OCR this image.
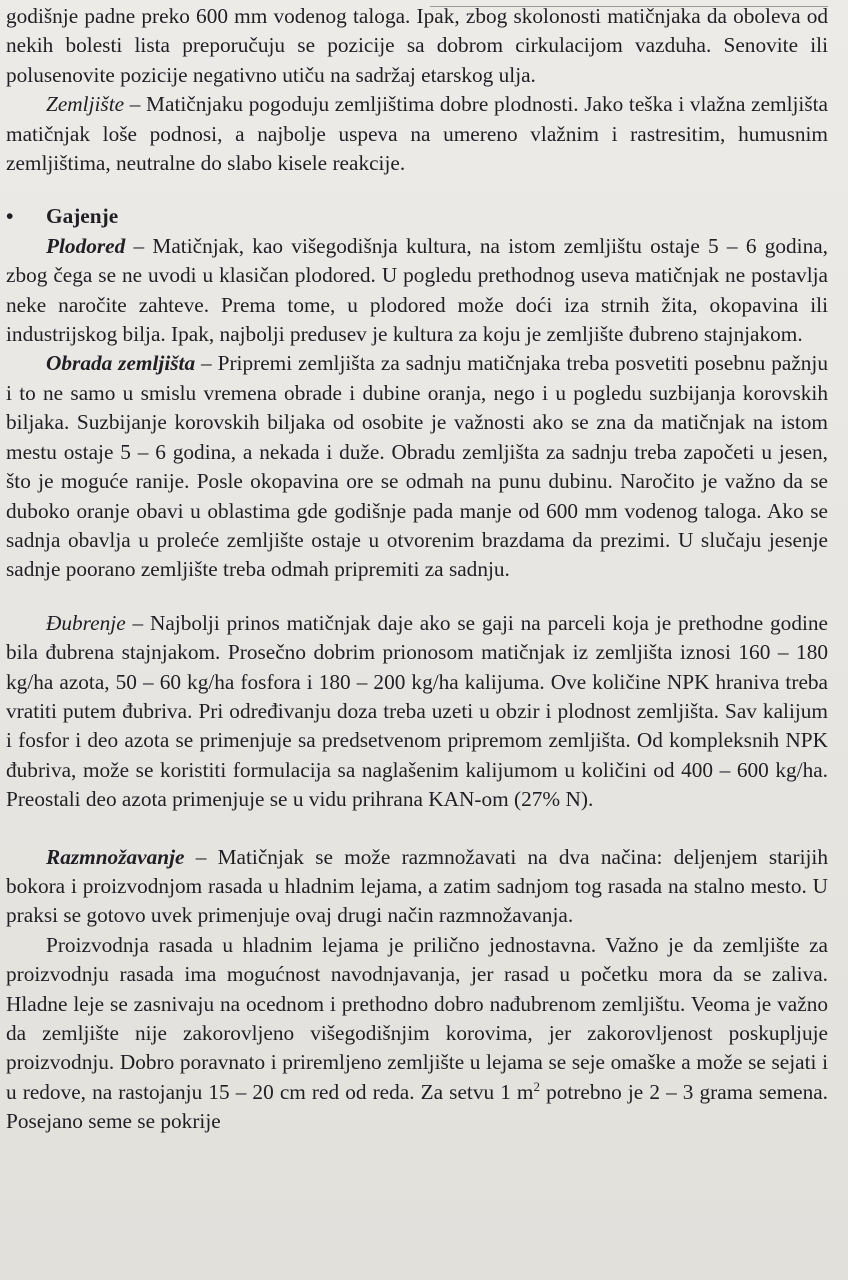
godišnje padne preko 600 mm vodenog taloga. Ipak, zbog skolonosti matičnjaka da oboleva od nekih bolesti lista preporučuju se pozicije sa dobrom cirkulacijom vazduha. Senovite ili polusenovite pozicije negativno utiču na sadržaj etarskog ulja.

Zemljište – Matičnjaku pogoduju zemljištima dobre plodnosti. Jako teška i vlažna zemljišta matičnjak loše podnosi, a najbolje uspeva na umereno vlažnim i rastresitim, humusnim zemljištima, neutralne do slabo kisele reakcije.

• Gajenje

Plodored – Matičnjak, kao višegodišnja kultura, na istom zemljištu ostaje 5 – 6 godina, zbog čega se ne uvodi u klasičan plodored. U pogledu prethodnog useva matičnjak ne postavlja neke naročite zahteve. Prema tome, u plodored može doći iza strnih žita, okopavina ili industrijskog bilja. Ipak, najbolji predusev je kultura za koju je zemljište đubreno stajnjakom.

Obrada zemljišta – Pripremi zemljišta za sadnju matičnjaka treba posvetiti posebnu pažnju i to ne samo u smislu vremena obrade i dubine oranja, nego i u pogledu suzbijanja korovskih biljaka. Suzbijanje korovskih biljaka od osobite je važnosti ako se zna da matičnjak na istom mestu ostaje 5 – 6 godina, a nekada i duže. Obradu zemljišta za sadnju treba započeti u jesen, što je moguće ranije. Posle okopavina ore se odmah na punu dubinu. Naročito je važno da se duboko oranje obavi u oblastima gde godišnje pada manje od 600 mm vodenog taloga. Ako se sadnja obavlja u proleće zemljište ostaje u otvorenim brazdama da prezimi. U slučaju jesenje sadnje poorano zemljište treba odmah pripremiti za sadnju.

Đubrenje – Najbolji prinos matičnjak daje ako se gaji na parceli koja je prethodne godine bila đubrena stajnjakom. Prosečno dobrim prionosom matičnjak iz zemljišta iznosi 160 – 180 kg/ha azota, 50 – 60 kg/ha fosfora i 180 – 200 kg/ha kalijuma. Ove količine NPK hraniva treba vratiti putem đubriva. Pri određivanju doza treba uzeti u obzir i plodnost zemljišta. Sav kalijum i fosfor i deo azota se primenjuje sa predsetvenom pripremom zemljišta. Od kompleksnih NPK đubriva, može se koristiti formulacija sa naglašenim kalijumom u količini od 400 – 600 kg/ha. Preostali deo azota primenjuje se u vidu prihrana KAN-om (27% N).

Razmnožavanje – Matičnjak se može razmnožavati na dva načina: deljenjem starijih bokora i proizvodnjom rasada u hladnim lejama, a zatim sadnjom tog rasada na stalno mesto. U praksi se gotovo uvek primenjuje ovaj drugi način razmnožavanja.

Proizvodnja rasada u hladnim lejama je prilično jednostavna. Važno je da zemljište za proizvodnju rasada ima mogućnost navodnjavanja, jer rasad u početku mora da se zaliva. Hladne leje se zasnivaju na ocednom i prethodno dobro nađubrenom zemljištu. Veoma je važno da zemljište nije zakorovljeno višegodišnjim korovima, jer zakorovljenost poskupljuje proizvodnju. Dobro poravnato i priremljeno zemljište u lejama se seje omaške a može se sejati i u redove, na rastojanju 15 – 20 cm red od reda. Za setvu 1 $m^2$ potrebno je 2 – 3 grama semena. Posejano seme se pokrije
